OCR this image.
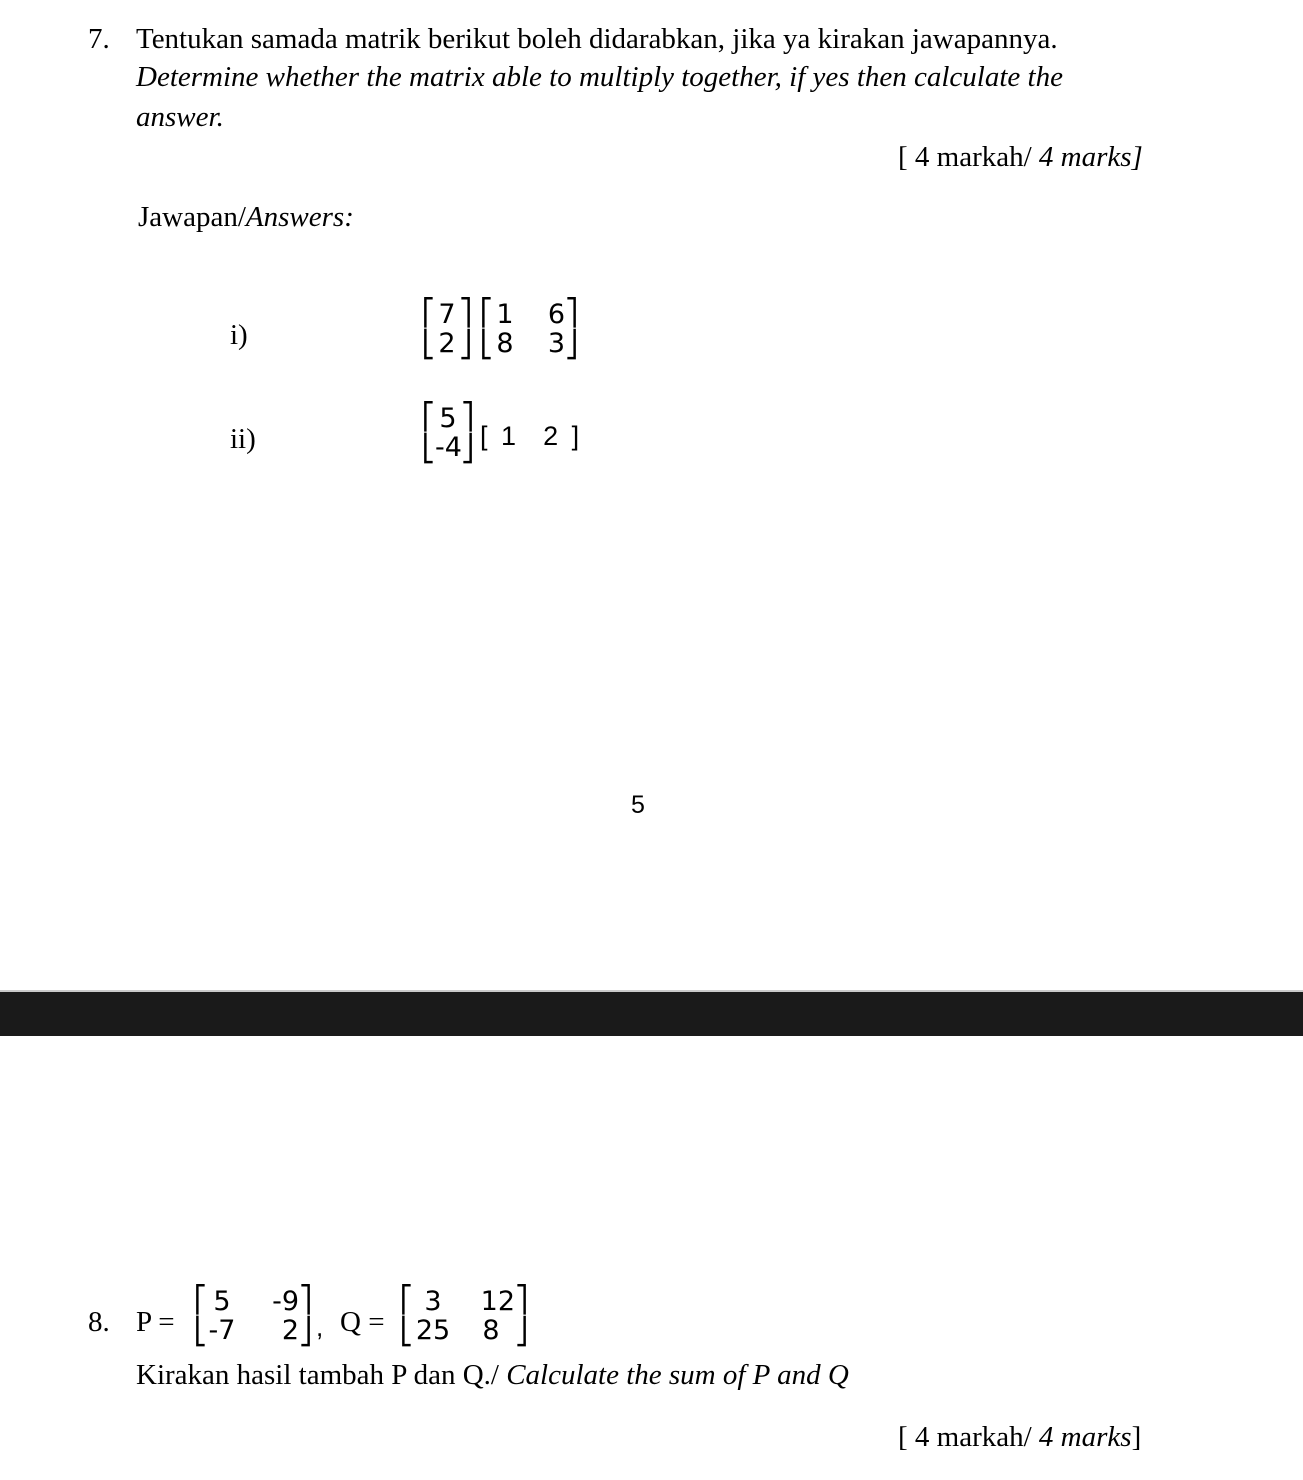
7. Tentukan samada matrik berikut boleh didarabkan, jika ya kirakan jawapannya.
Determine whether the matrix able to multiply together, if yes then calculate the
answer.
[ 4 markah/ 4 marks]
Jawapan/Answers:
i)
⎡
⎣
7
2
⎤
⎦
⎡
⎣
1	6
8	3
⎤
⎦
ii)
⎡
⎣
5
-4
⎤
⎦ [ 1 2 ]
5
8. P =
⎡
⎣
5	-9
-7	2
⎤
⎦ , Q =
⎡
⎣
3	12
25	8
⎤
⎦
Kirakan hasil tambah P dan Q./ Calculate the sum of P and Q
[ 4 markah/ 4 marks]
